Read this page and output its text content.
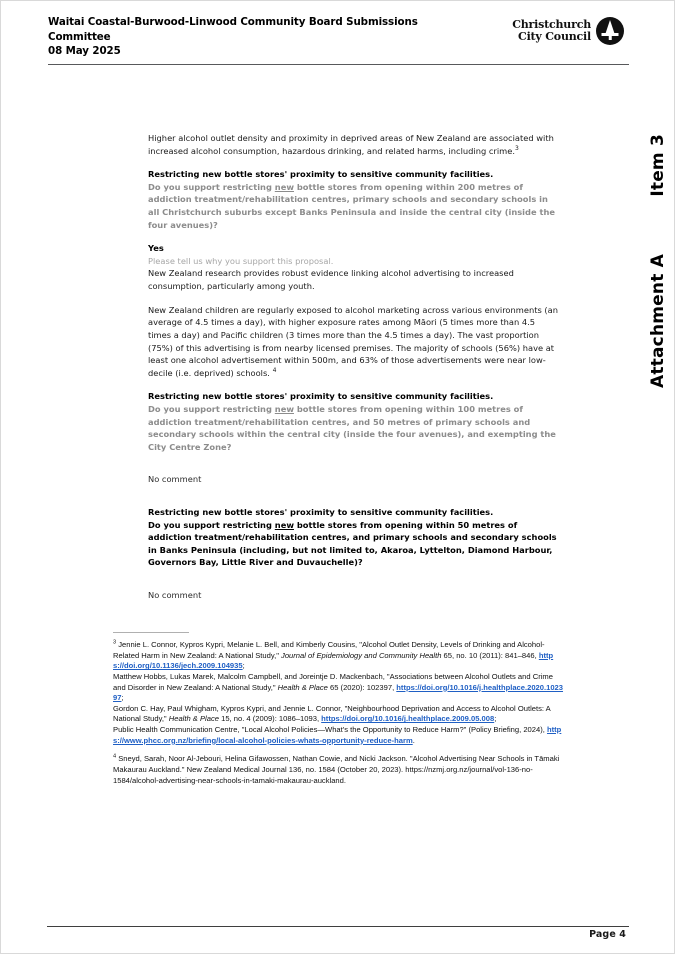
Waitai Coastal-Burwood-Linwood Community Board Submissions
Committee
08 May 2025
Christchurch
City Council
Item 3
Attachment A

Higher alcohol outlet density and proximity in deprived areas of New Zealand are associated with increased alcohol consumption, hazardous drinking, and related harms, including crime.$^3$

Restricting new bottle stores' proximity to sensitive community facilities.

Do you support restricting new bottle stores from opening within 200 metres of addiction treatment/rehabilitation centres, primary schools and secondary schools in all Christchurch suburbs except Banks Peninsula and inside the central city (inside the four avenues)?

Yes

Please tell us why you support this proposal.

New Zealand research provides robust evidence linking alcohol advertising to increased consumption, particularly among youth.

New Zealand children are regularly exposed to alcohol marketing across various environments (an average of 4.5 times a day), with higher exposure rates among Māori (5 times more than 4.5 times a day) and Pacific children (3 times more than the 4.5 times a day). The vast proportion (75%) of this advertising is from nearby licensed premises. The majority of schools (56%) have at least one alcohol advertisement within 500m, and 63% of those advertisements were near low-decile (i.e. deprived) schools. $^4$

Restricting new bottle stores' proximity to sensitive community facilities.

Do you support restricting new bottle stores from opening within 100 metres of addiction treatment/rehabilitation centres, and 50 metres of primary schools and secondary schools within the central city (inside the four avenues), and exempting the City Centre Zone?

No comment

Restricting new bottle stores' proximity to sensitive community facilities.

Do you support restricting new bottle stores from opening within 50 metres of addiction treatment/rehabilitation centres, and primary schools and secondary schools in Banks Peninsula (including, but not limited to, Akaroa, Lyttelton, Diamond Harbour, Governors Bay, Little River and Duvauchelle)?

No comment

$^3$ Jennie L. Connor, Kypros Kypri, Melanie L. Bell, and Kimberly Cousins, "Alcohol Outlet Density, Levels of Drinking and Alcohol-Related Harm in New Zealand: A National Study," Journal of Epidemiology and Community Health 65, no. 10 (2011): 841–846, https://doi.org/10.1136/jech.2009.104935;
Matthew Hobbs, Lukas Marek, Malcolm Campbell, and Joreintje D. Mackenbach, "Associations between Alcohol Outlets and Crime and Disorder in New Zealand: A National Study," Health & Place 65 (2020): 102397, https://doi.org/10.1016/j.healthplace.2020.102397;
Gordon C. Hay, Paul Whigham, Kypros Kypri, and Jennie L. Connor, "Neighbourhood Deprivation and Access to Alcohol Outlets: A National Study," Health & Place 15, no. 4 (2009): 1086–1093, https://doi.org/10.1016/j.healthplace.2009.05.008;
Public Health Communication Centre, "Local Alcohol Policies—What's the Opportunity to Reduce Harm?" (Policy Briefing, 2024), https://www.phcc.org.nz/briefing/local-alcohol-policies-whats-opportunity-reduce-harm.
$^4$ Sneyd, Sarah, Noor Al-Jebouri, Helina Gifawossen, Nathan Cowie, and Nicki Jackson. "Alcohol Advertising Near Schools in Tāmaki Makaurau Auckland." New Zealand Medical Journal 136, no. 1584 (October 20, 2023). https://nzmj.org.nz/journal/vol-136-no-1584/alcohol-advertising-near-schools-in-tamaki-makaurau-auckland.
Page 4
